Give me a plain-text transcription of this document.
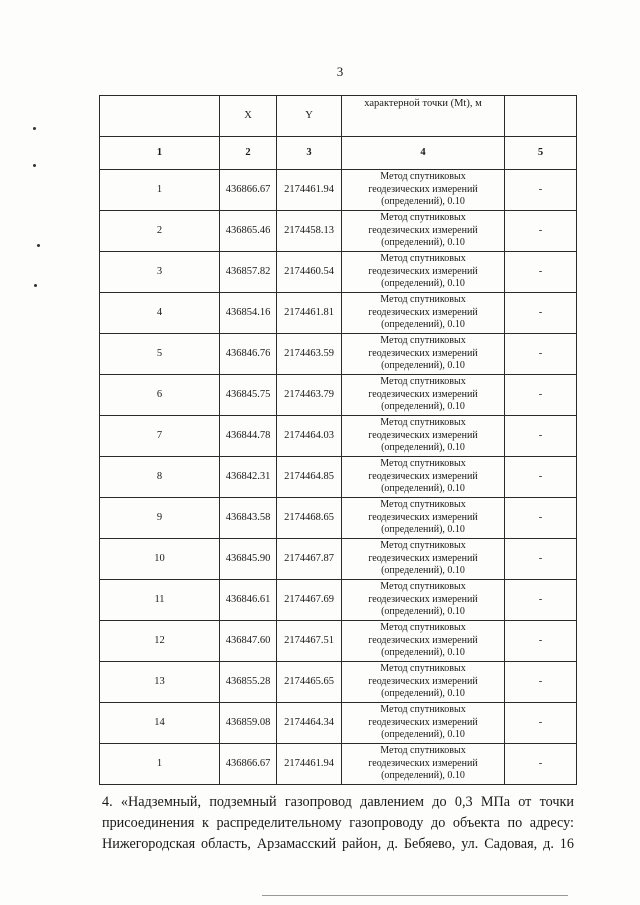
3
	X	Y	характерной точки (Mt), м	
1	2	3	4	5
1	436866.67	2174461.94	Метод спутниковых
геодезических измерений
(определений), 0.10	-
2	436865.46	2174458.13	Метод спутниковых
геодезических измерений
(определений), 0.10	-
3	436857.82	2174460.54	Метод спутниковых
геодезических измерений
(определений), 0.10	-
4	436854.16	2174461.81	Метод спутниковых
геодезических измерений
(определений), 0.10	-
5	436846.76	2174463.59	Метод спутниковых
геодезических измерений
(определений), 0.10	-
6	436845.75	2174463.79	Метод спутниковых
геодезических измерений
(определений), 0.10	-
7	436844.78	2174464.03	Метод спутниковых
геодезических измерений
(определений), 0.10	-
8	436842.31	2174464.85	Метод спутниковых
геодезических измерений
(определений), 0.10	-
9	436843.58	2174468.65	Метод спутниковых
геодезических измерений
(определений), 0.10	-
10	436845.90	2174467.87	Метод спутниковых
геодезических измерений
(определений), 0.10	-
11	436846.61	2174467.69	Метод спутниковых
геодезических измерений
(определений), 0.10	-
12	436847.60	2174467.51	Метод спутниковых
геодезических измерений
(определений), 0.10	-
13	436855.28	2174465.65	Метод спутниковых
геодезических измерений
(определений), 0.10	-
14	436859.08	2174464.34	Метод спутниковых
геодезических измерений
(определений), 0.10	-
1	436866.67	2174461.94	Метод спутниковых
геодезических измерений
(определений), 0.10	-
4. «Надземный, подземный газопровод давлением до 0,3 МПа от точки
присоединения к распределительному газопроводу до объекта по адресу:
Нижегородская область, Арзамасский район, д. Бебяево, ул. Садовая, д. 16
